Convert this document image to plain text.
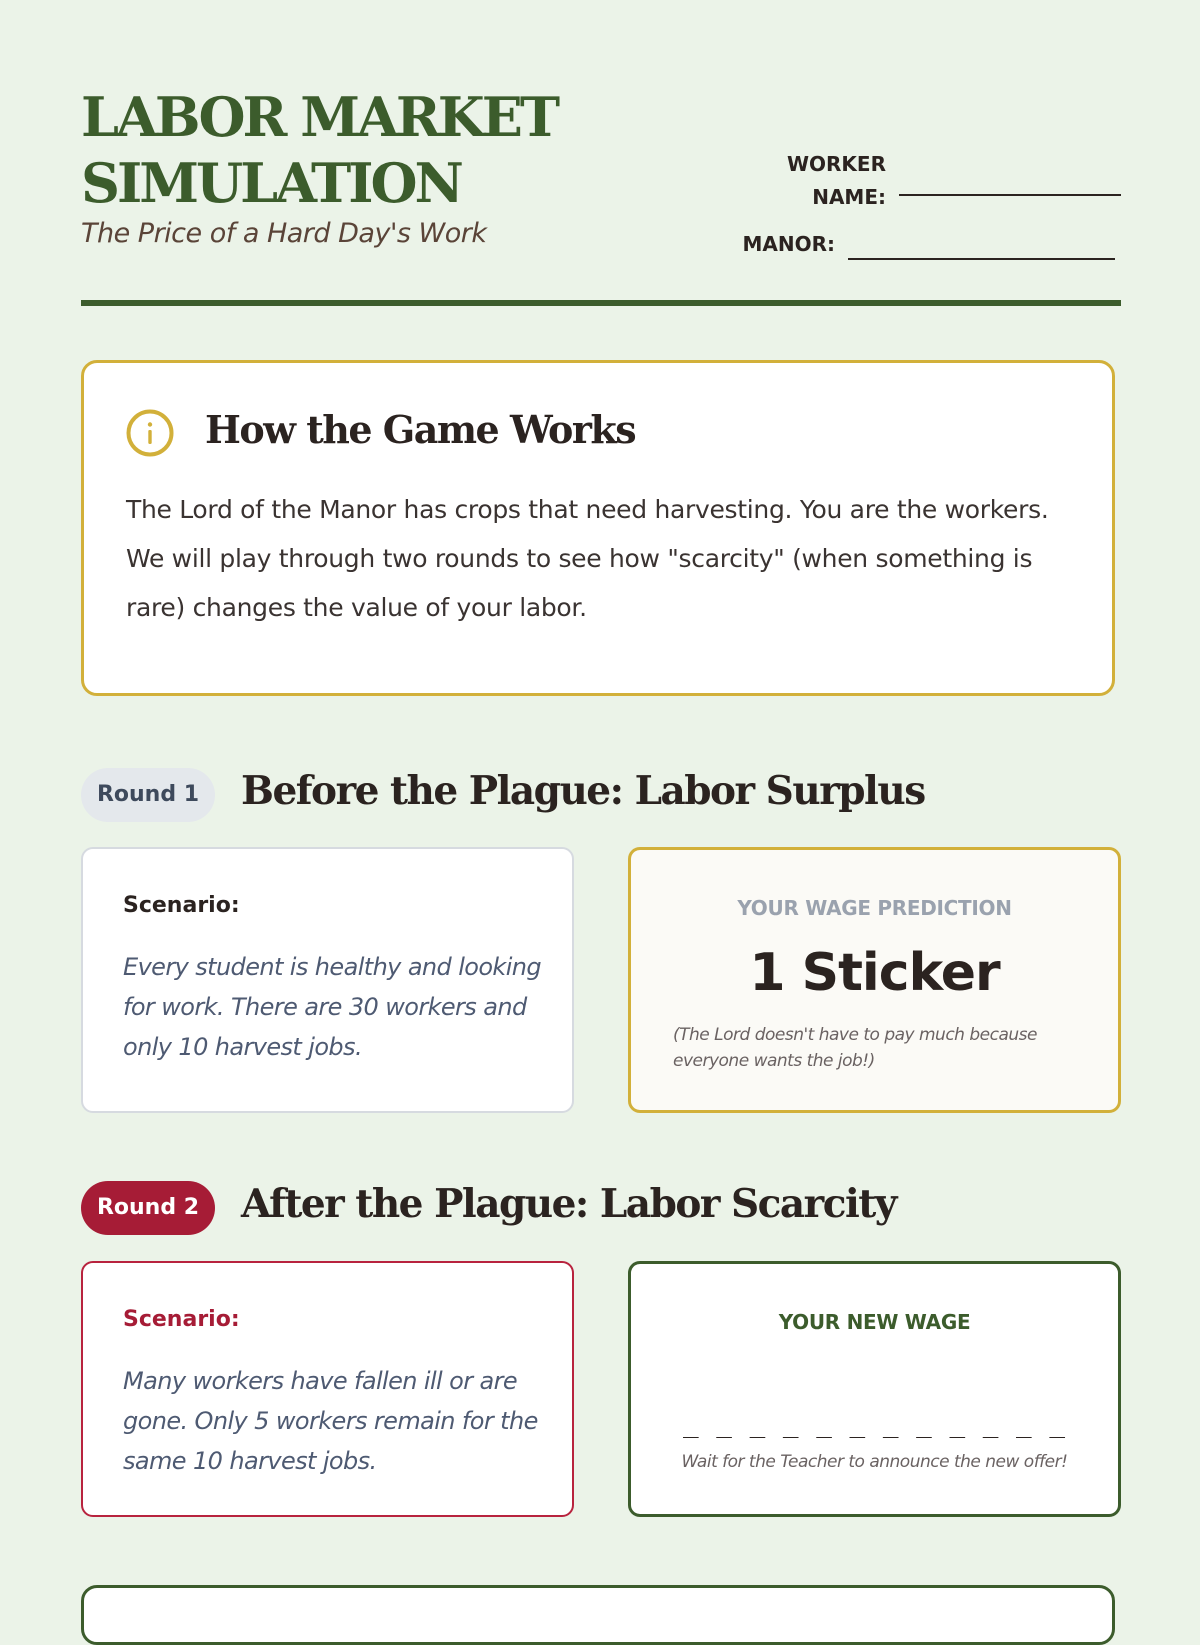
LABOR MARKET
SIMULATION
The Price of a Hard Day's Work
WORKER
NAME:
MANOR:
How the Game Works

The Lord of the Manor has crops that need harvesting. You are the workers. We will play through two rounds to see how "scarcity" (when something is rare) changes the value of your labor.

Round 1	Before the Plague: Labor Surplus
Scenario:

Every student is healthy and looking for work. There are 30 workers and only 10 harvest jobs.

YOUR WAGE PREDICTION
1 Sticker

(The Lord doesn't have to pay much because everyone wants the job!)

Round 2	After the Plague: Labor Scarcity
Scenario:

Many workers have fallen ill or are gone. Only 5 workers remain for the same 10 harvest jobs.

YOUR NEW WAGE
_ _ _ _ _ _ _ _ _ _ _ _
Wait for the Teacher to announce the new offer!
